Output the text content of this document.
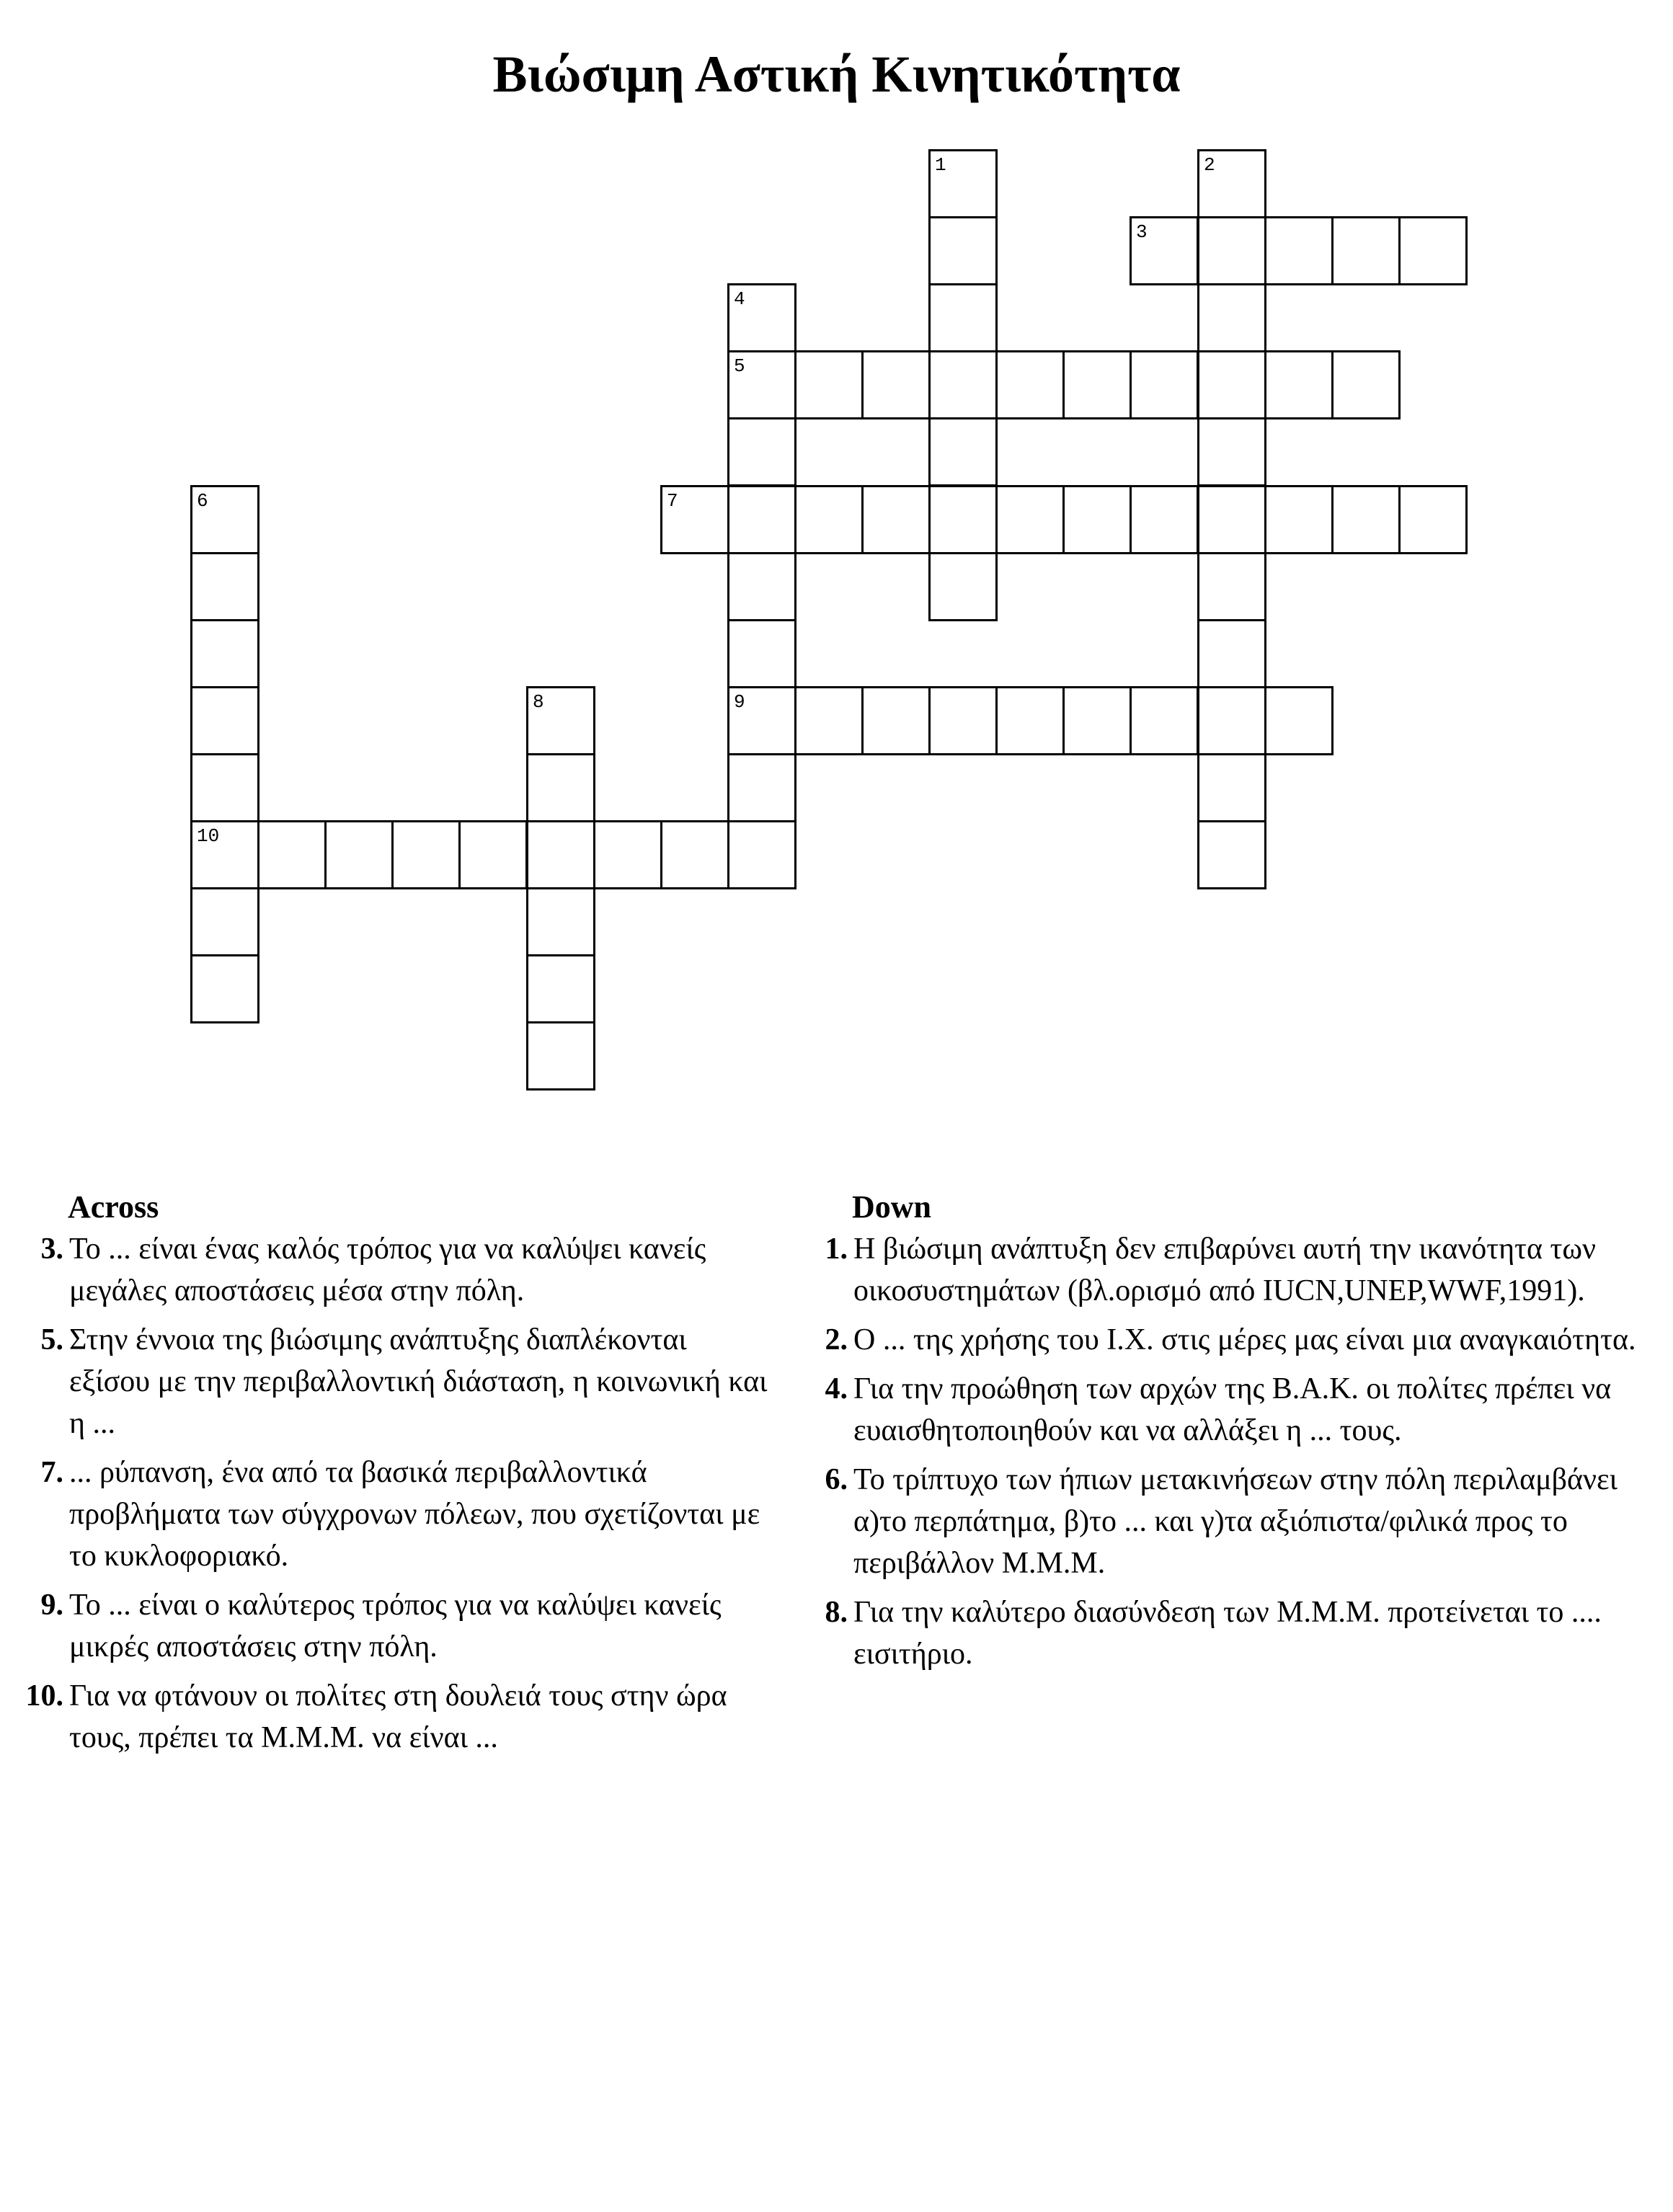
Βιώσιμη Αστική Κινητικότητα
1	2
3
4
5
6	7
8	9
10
Across
3. Το ... είναι ένας καλός τρόπος για να καλύψει κανείς μεγάλες αποστάσεις μέσα στην πόλη.
5. Στην έννοια της βιώσιμης ανάπτυξης διαπλέκονται εξίσου με την περιβαλλοντική διάσταση, η κοινωνική και η ...
7. ... ρύπανση, ένα από τα βασικά περιβαλλοντικά προβλήματα των σύγχρονων πόλεων, που σχετίζονται με το κυκλοφοριακό.
9. Το ... είναι ο καλύτερος τρόπος για να καλύψει κανείς μικρές αποστάσεις στην πόλη.
10. Για να φτάνουν οι πολίτες στη δουλειά τους στην ώρα τους, πρέπει τα Μ.Μ.Μ. να είναι ...
Down
1. Η βιώσιμη ανάπτυξη δεν επιβαρύνει αυτή την ικανότητα των οικοσυστημάτων (βλ.ορισμό από IUCN,UNEP,WWF,1991).
2. Ο ... της χρήσης του Ι.Χ. στις μέρες μας είναι μια αναγκαιότητα.
4. Για την προώθηση των αρχών της Β.Α.Κ. οι πολίτες πρέπει να ευαισθητοποιηθούν και να αλλάξει η ... τους.
6. Το τρίπτυχο των ήπιων μετακινήσεων στην πόλη περιλαμβάνει α)το περπάτημα, β)το ... και γ)τα αξιόπιστα/φιλικά προς το περιβάλλον Μ.Μ.Μ.
8. Για την καλύτερο διασύνδεση των Μ.Μ.Μ. προτείνεται το .... εισιτήριο.
